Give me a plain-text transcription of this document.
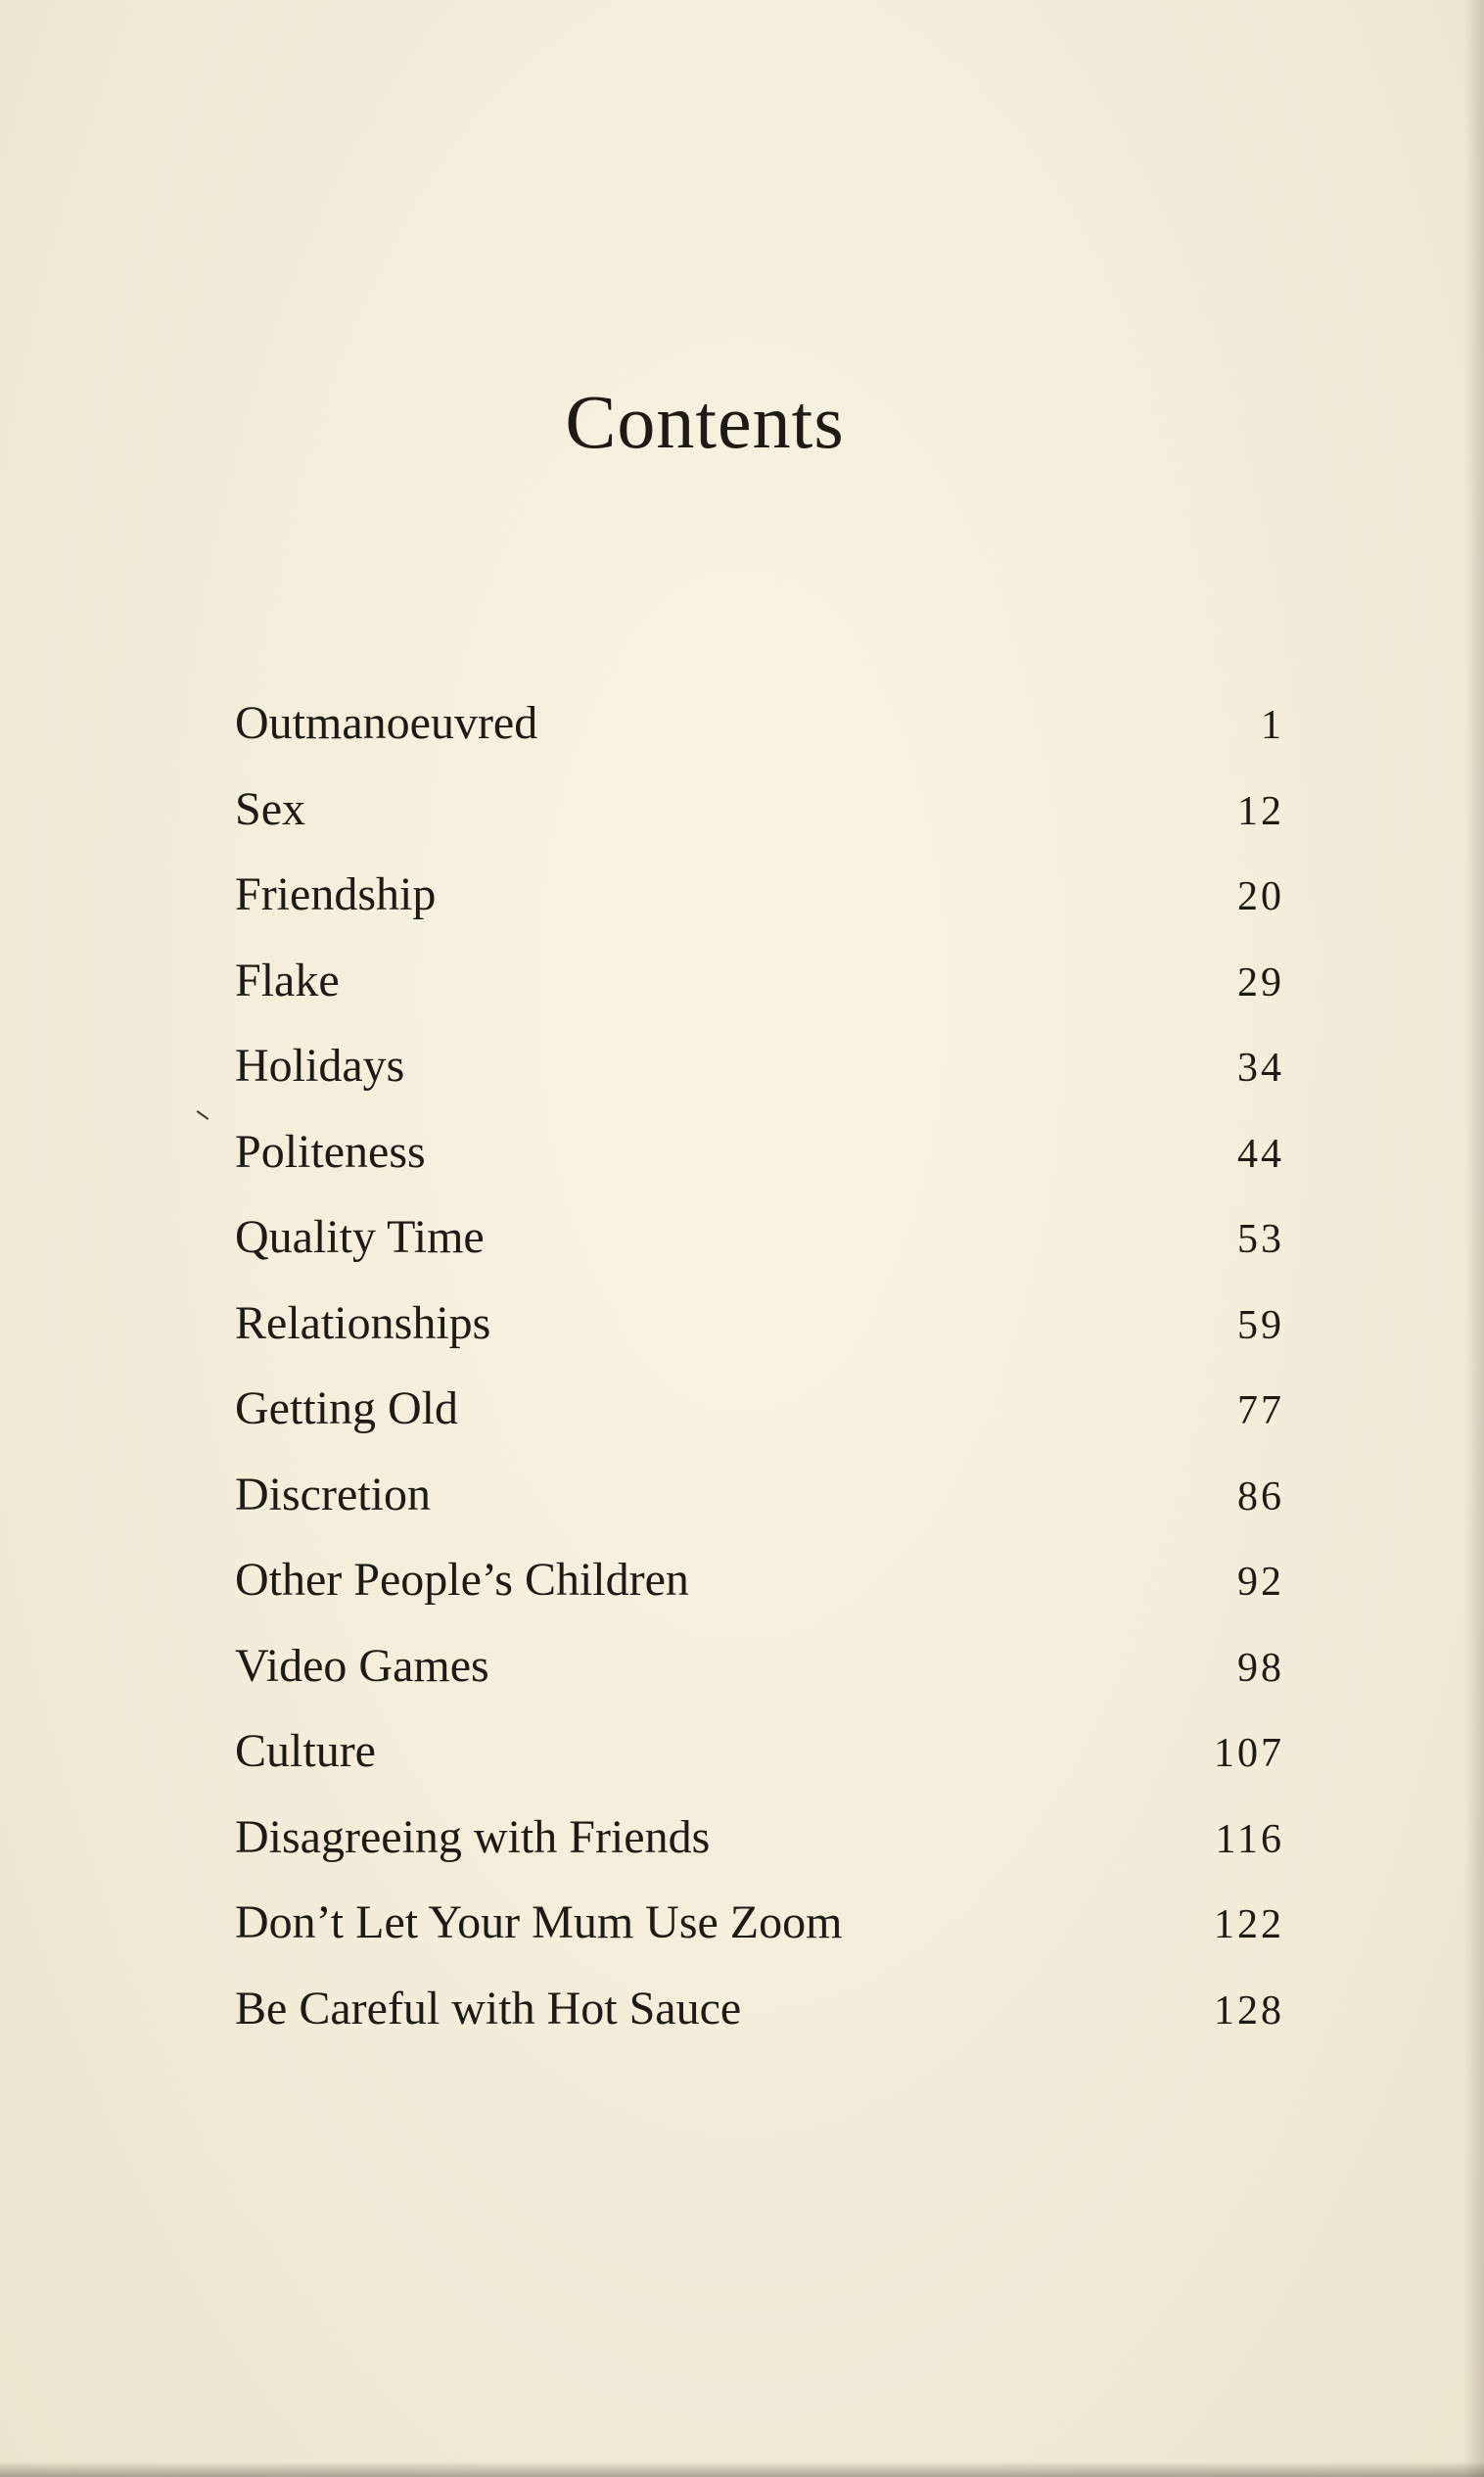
Contents
Outmanoeuvred	1
Sex	12
Friendship	20
Flake	29
Holidays	34
Politeness	44
Quality Time	53
Relationships	59
Getting Old	77
Discretion	86
Other People’s Children	92
Video Games	98
Culture	107
Disagreeing with Friends	116
Don’t Let Your Mum Use Zoom	122
Be Careful with Hot Sauce	128
